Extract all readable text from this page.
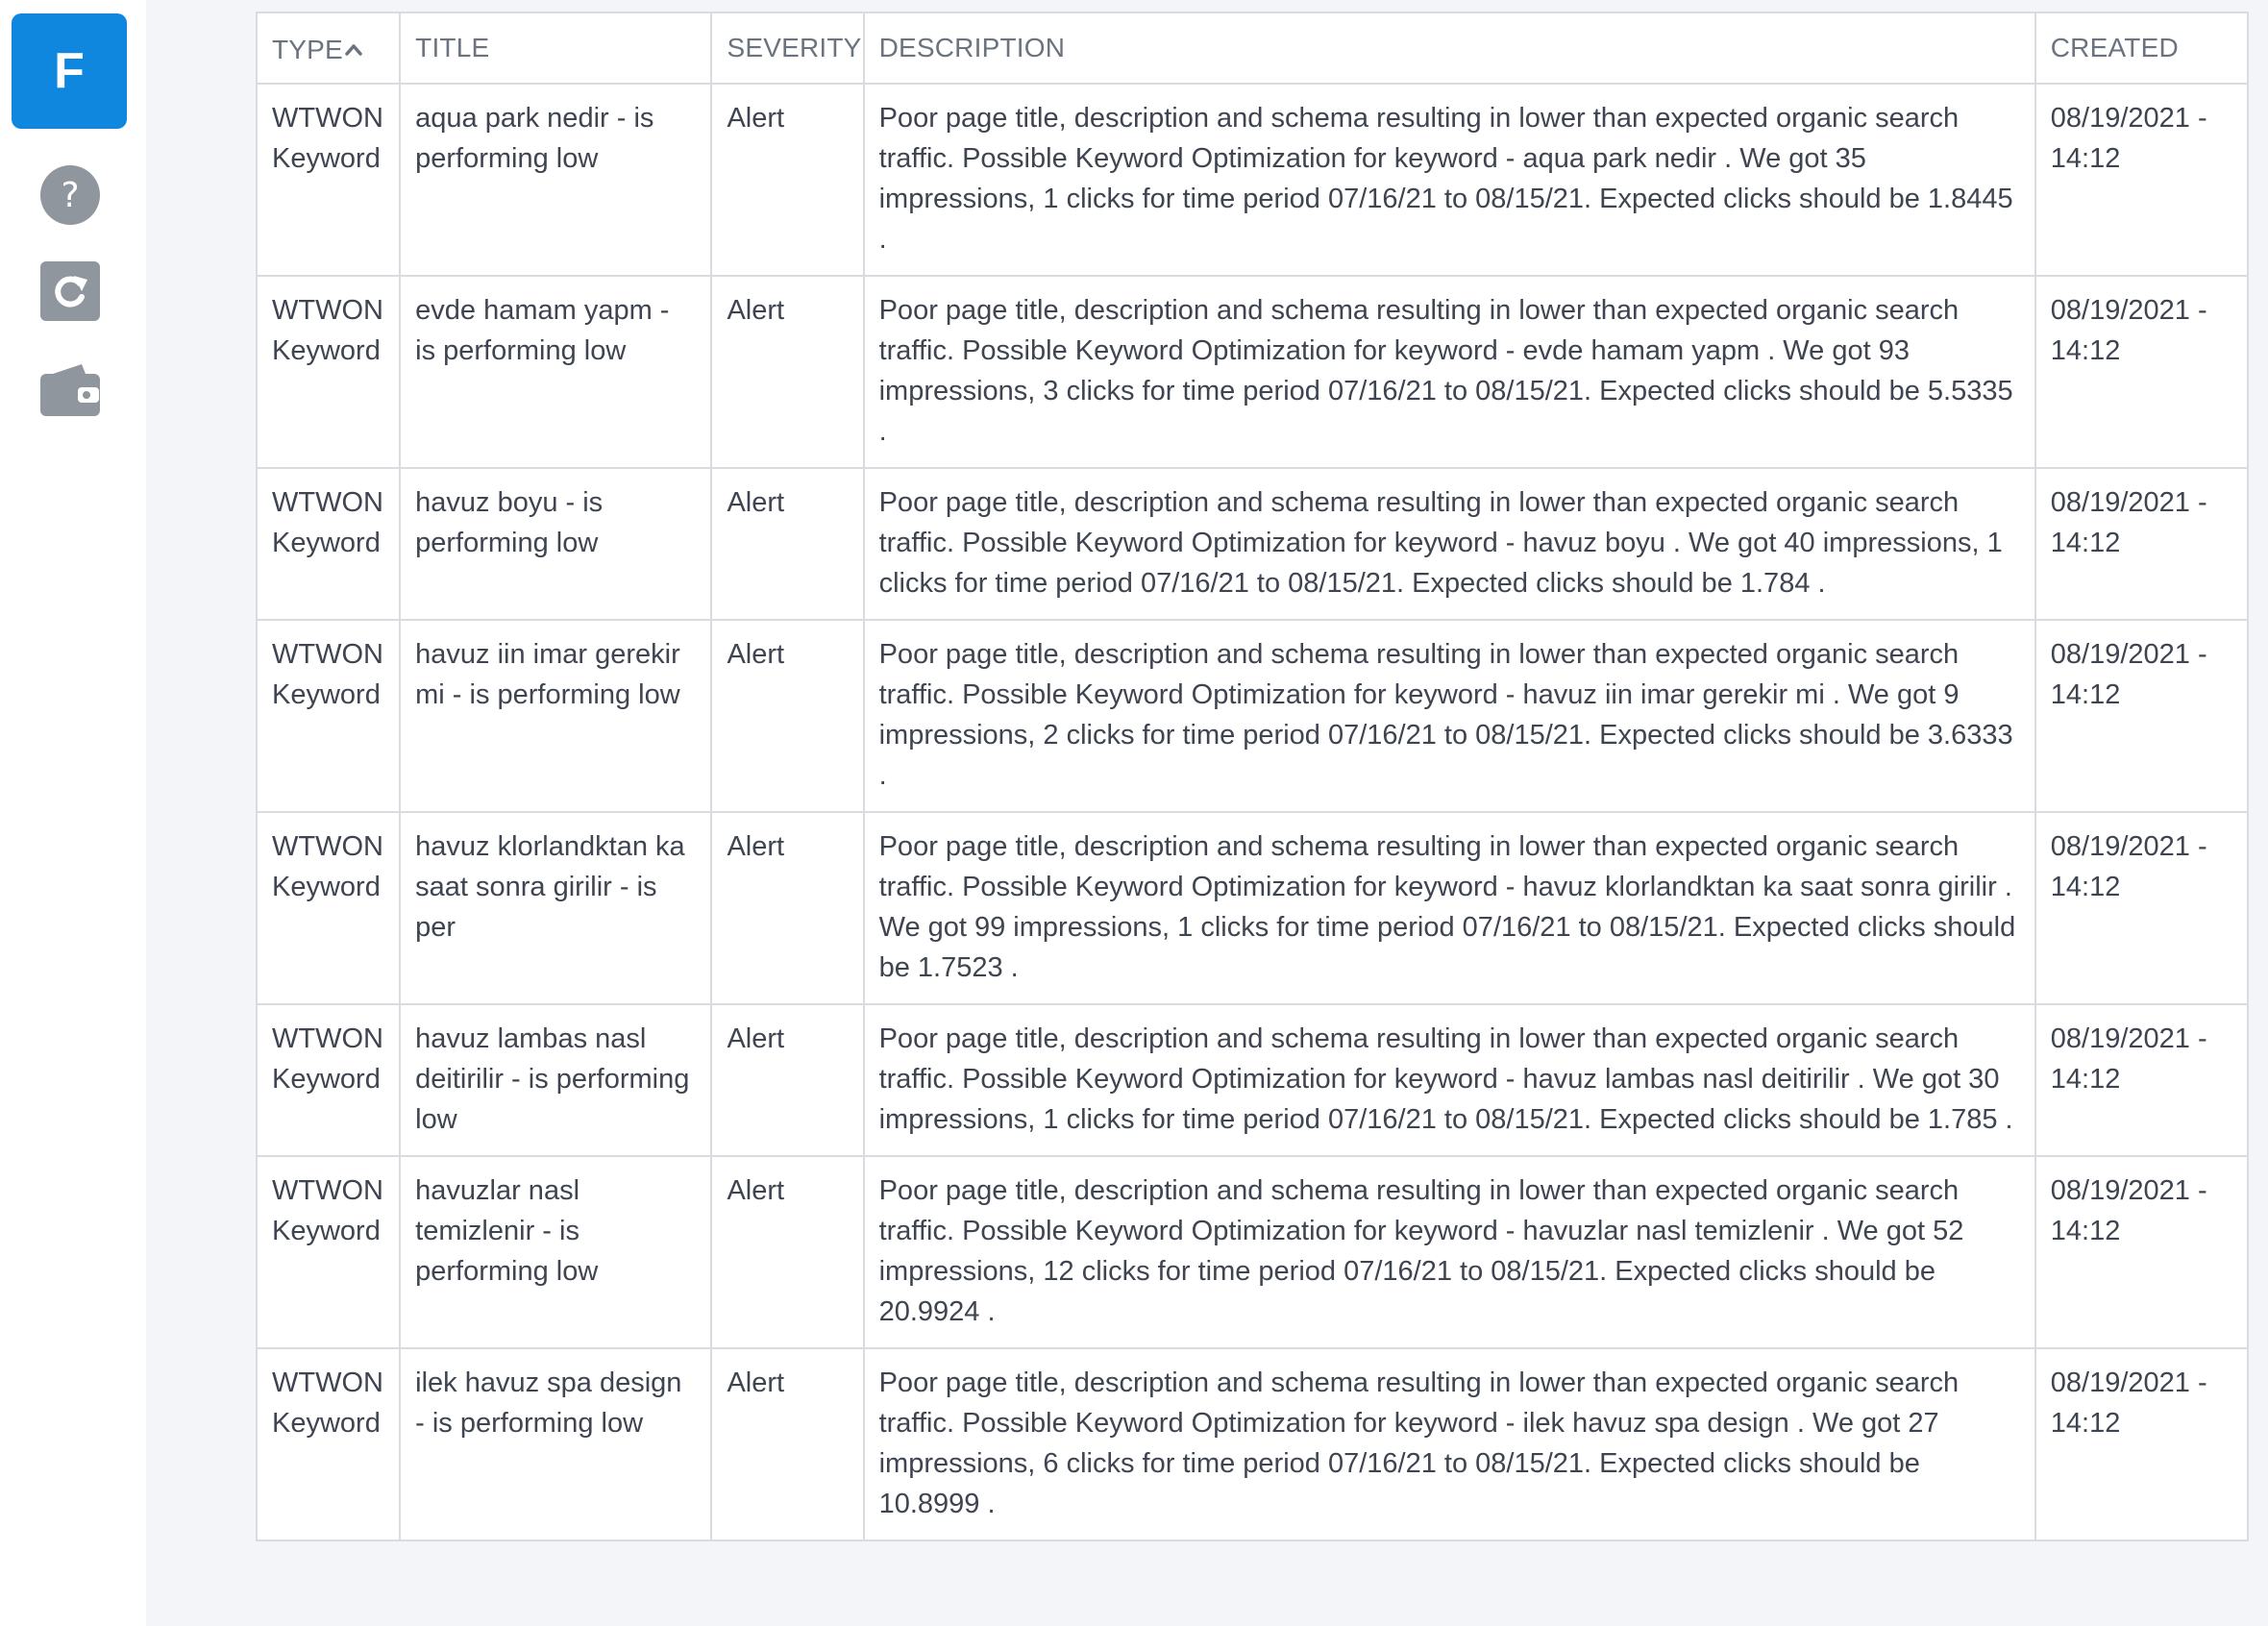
F
?
TYPE	TITLE	SEVERITY	DESCRIPTION	CREATED
WTWON Keyword	aqua park nedir - is performing low	Alert	Poor page title, description and schema resulting in lower than expected organic search traffic. Possible Keyword Optimization for keyword - aqua park nedir . We got 35 impressions, 1 clicks for time period 07/16/21 to 08/15/21. Expected clicks should be 1.8445 .	08/19/2021 - 14:12
WTWON Keyword	evde hamam yapm - is performing low	Alert	Poor page title, description and schema resulting in lower than expected organic search traffic. Possible Keyword Optimization for keyword - evde hamam yapm . We got 93 impressions, 3 clicks for time period 07/16/21 to 08/15/21. Expected clicks should be 5.5335 .	08/19/2021 - 14:12
WTWON Keyword	havuz boyu - is performing low	Alert	Poor page title, description and schema resulting in lower than expected organic search traffic. Possible Keyword Optimization for keyword - havuz boyu . We got 40 impressions, 1 clicks for time period 07/16/21 to 08/15/21. Expected clicks should be 1.784 .	08/19/2021 - 14:12
WTWON Keyword	havuz iin imar gerekir mi - is performing low	Alert	Poor page title, description and schema resulting in lower than expected organic search traffic. Possible Keyword Optimization for keyword - havuz iin imar gerekir mi . We got 9 impressions, 2 clicks for time period 07/16/21 to 08/15/21. Expected clicks should be 3.6333 .	08/19/2021 - 14:12
WTWON Keyword	havuz klorlandktan ka saat sonra girilir - is per	Alert	Poor page title, description and schema resulting in lower than expected organic search traffic. Possible Keyword Optimization for keyword - havuz klorlandktan ka saat sonra girilir . We got 99 impressions, 1 clicks for time period 07/16/21 to 08/15/21. Expected clicks should be 1.7523 .	08/19/2021 - 14:12
WTWON Keyword	havuz lambas nasl deitirilir - is performing low	Alert	Poor page title, description and schema resulting in lower than expected organic search traffic. Possible Keyword Optimization for keyword - havuz lambas nasl deitirilir . We got 30 impressions, 1 clicks for time period 07/16/21 to 08/15/21. Expected clicks should be 1.785 .	08/19/2021 - 14:12
WTWON Keyword	havuzlar nasl temizlenir - is performing low	Alert	Poor page title, description and schema resulting in lower than expected organic search traffic. Possible Keyword Optimization for keyword - havuzlar nasl temizlenir . We got 52 impressions, 12 clicks for time period 07/16/21 to 08/15/21. Expected clicks should be 20.9924 .	08/19/2021 - 14:12
WTWON Keyword	ilek havuz spa design - is performing low	Alert	Poor page title, description and schema resulting in lower than expected organic search traffic. Possible Keyword Optimization for keyword - ilek havuz spa design . We got 27 impressions, 6 clicks for time period 07/16/21 to 08/15/21. Expected clicks should be 10.8999 .	08/19/2021 - 14:12
